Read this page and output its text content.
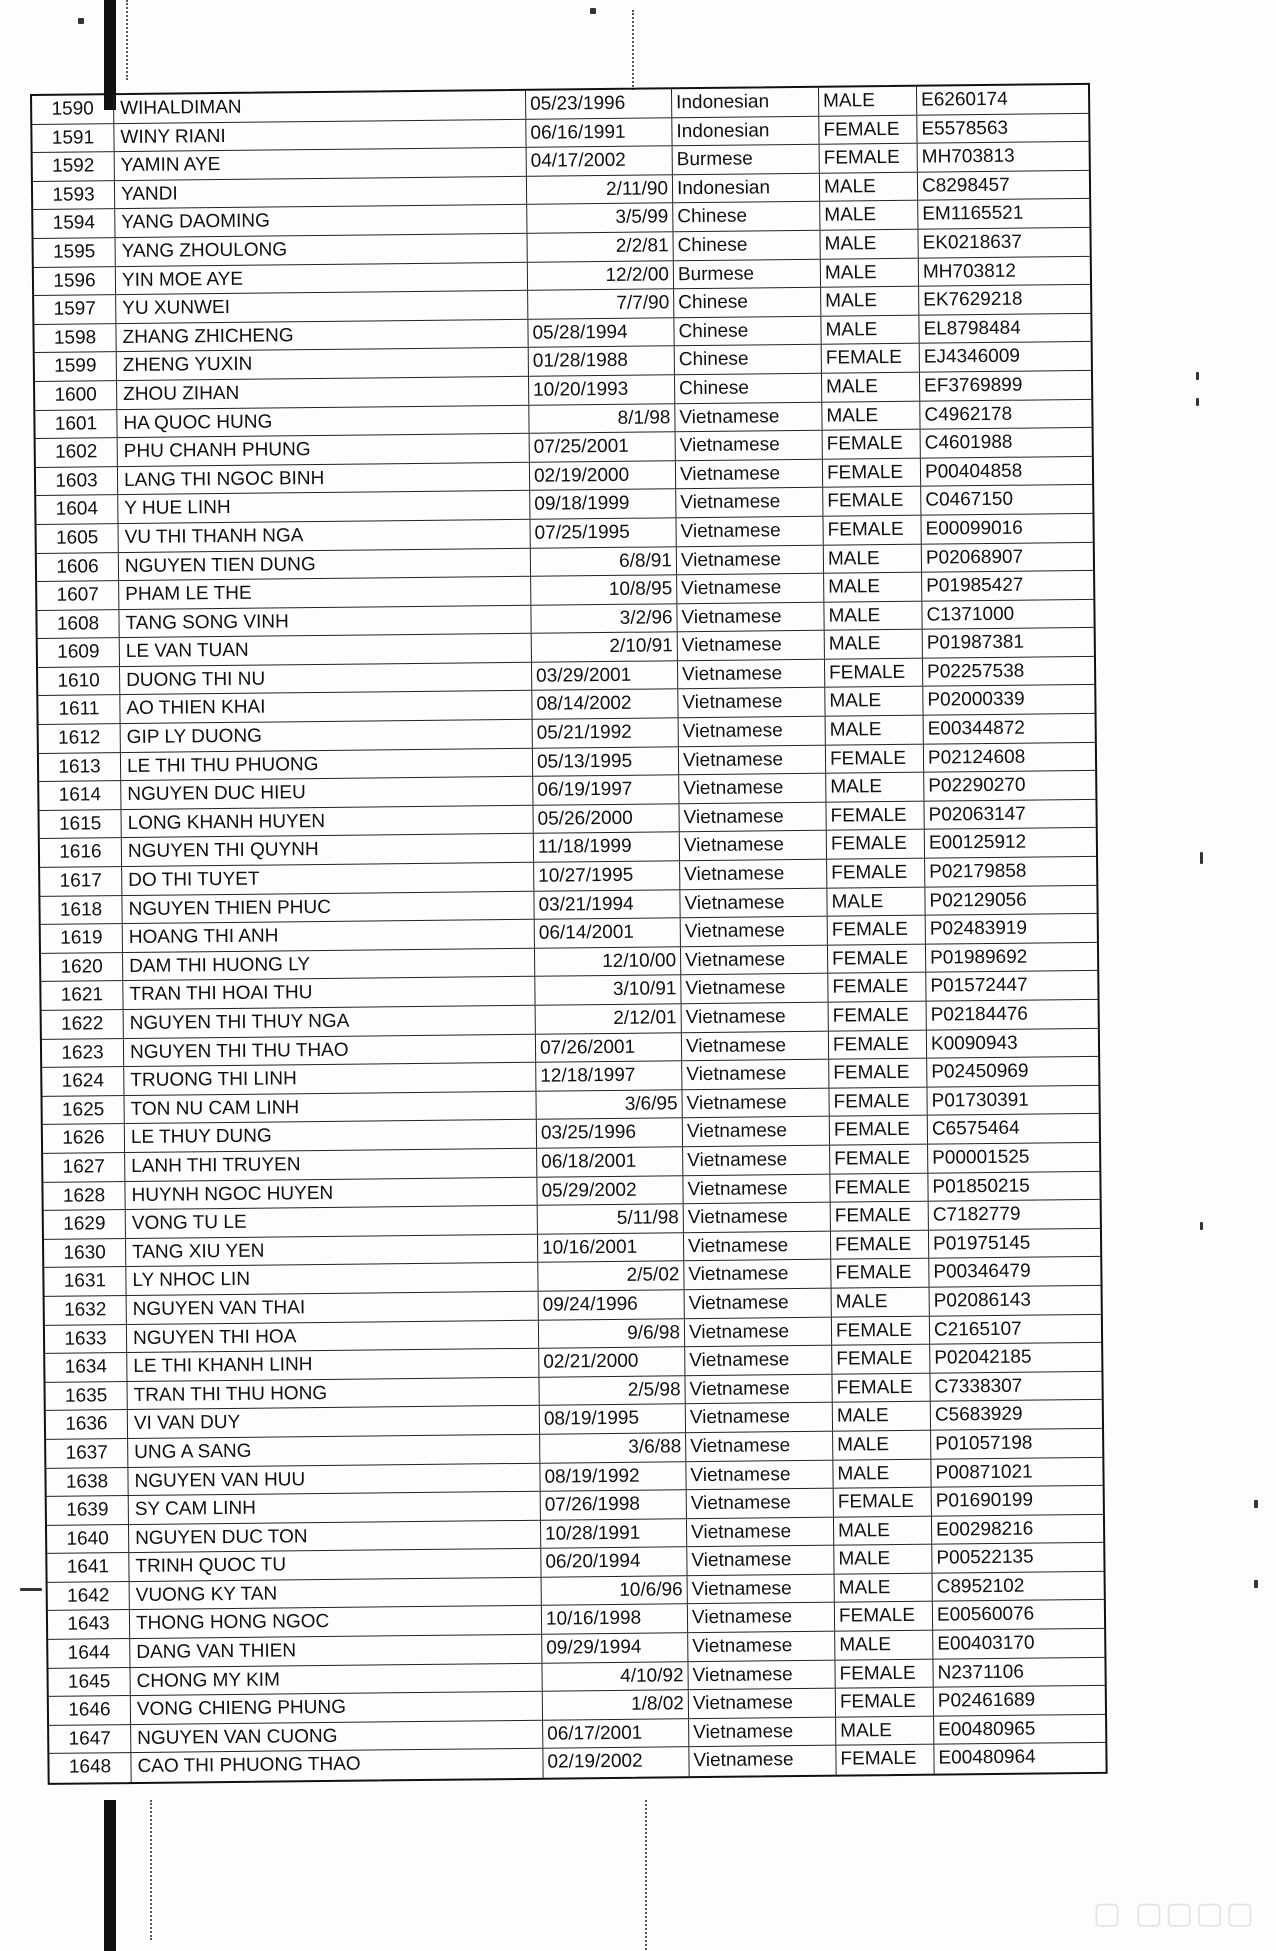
1590	WIHALDIMAN	05/23/1996	Indonesian	MALE	E6260174
1591	WINY RIANI	06/16/1991	Indonesian	FEMALE	E5578563
1592	YAMIN AYE	04/17/2002	Burmese	FEMALE	MH703813
1593	YANDI	2/11/90 Indonesian	MALE	C8298457
1594	YANG DAOMING	3/5/99 Chinese	MALE	EM1165521
1595	YANG ZHOULONG	2/2/81 Chinese	MALE	EK0218637
1596	YIN MOE AYE	12/2/00 Burmese	MALE	MH703812
1597	YU XUNWEI	7/7/90 Chinese	MALE	EK7629218
1598	ZHANG ZHICHENG	05/28/1994	Chinese	MALE	EL8798484
1599	ZHENG YUXIN	01/28/1988	Chinese	FEMALE	EJ4346009
1600	ZHOU ZIHAN	10/20/1993	Chinese	MALE	EF3769899
1601	HA QUOC HUNG	8/1/98 Vietnamese	MALE	C4962178
1602	PHU CHANH PHUNG	07/25/2001	Vietnamese	FEMALE	C4601988
1603	LANG THI NGOC BINH	02/19/2000	Vietnamese	FEMALE	P00404858
1604	Y HUE LINH	09/18/1999	Vietnamese	FEMALE	C0467150
1605	VU THI THANH NGA	07/25/1995	Vietnamese	FEMALE	E00099016
1606	NGUYEN TIEN DUNG	6/8/91 Vietnamese	MALE	P02068907
1607	PHAM LE THE	10/8/95 Vietnamese	MALE	P01985427
1608	TANG SONG VINH	3/2/96 Vietnamese	MALE	C1371000
1609	LE VAN TUAN	2/10/91 Vietnamese	MALE	P01987381
1610	DUONG THI NU	03/29/2001	Vietnamese	FEMALE	P02257538
1611	AO THIEN KHAI	08/14/2002	Vietnamese	MALE	P02000339
1612	GIP LY DUONG	05/21/1992	Vietnamese	MALE	E00344872
1613	LE THI THU PHUONG	05/13/1995	Vietnamese	FEMALE	P02124608
1614	NGUYEN DUC HIEU	06/19/1997	Vietnamese	MALE	P02290270
1615	LONG KHANH HUYEN	05/26/2000	Vietnamese	FEMALE	P02063147
1616	NGUYEN THI QUYNH	11/18/1999	Vietnamese	FEMALE	E00125912
1617	DO THI TUYET	10/27/1995	Vietnamese	FEMALE	P02179858
1618	NGUYEN THIEN PHUC	03/21/1994	Vietnamese	MALE	P02129056
1619	HOANG THI ANH	06/14/2001	Vietnamese	FEMALE	P02483919
1620	DAM THI HUONG LY	12/10/00 Vietnamese	FEMALE	P01989692
1621	TRAN THI HOAI THU	3/10/91 Vietnamese	FEMALE	P01572447
1622	NGUYEN THI THUY NGA	2/12/01 Vietnamese	FEMALE	P02184476
1623	NGUYEN THI THU THAO	07/26/2001	Vietnamese	FEMALE	K0090943
1624	TRUONG THI LINH	12/18/1997	Vietnamese	FEMALE	P02450969
1625	TON NU CAM LINH	3/6/95 Vietnamese	FEMALE	P01730391
1626	LE THUY DUNG	03/25/1996	Vietnamese	FEMALE	C6575464
1627	LANH THI TRUYEN	06/18/2001	Vietnamese	FEMALE	P00001525
1628	HUYNH NGOC HUYEN	05/29/2002	Vietnamese	FEMALE	P01850215
1629	VONG TU LE	5/11/98 Vietnamese	FEMALE	C7182779
1630	TANG XIU YEN	10/16/2001	Vietnamese	FEMALE	P01975145
1631	LY NHOC LIN	2/5/02 Vietnamese	FEMALE	P00346479
1632	NGUYEN VAN THAI	09/24/1996	Vietnamese	MALE	P02086143
1633	NGUYEN THI HOA	9/6/98 Vietnamese	FEMALE	C2165107
1634	LE THI KHANH LINH	02/21/2000	Vietnamese	FEMALE	P02042185
1635	TRAN THI THU HONG	2/5/98 Vietnamese	FEMALE	C7338307
1636	VI VAN DUY	08/19/1995	Vietnamese	MALE	C5683929
1637	UNG A SANG	3/6/88 Vietnamese	MALE	P01057198
1638	NGUYEN VAN HUU	08/19/1992	Vietnamese	MALE	P00871021
1639	SY CAM LINH	07/26/1998	Vietnamese	FEMALE	P01690199
1640	NGUYEN DUC TON	10/28/1991	Vietnamese	MALE	E00298216
1641	TRINH QUOC TU	06/20/1994	Vietnamese	MALE	P00522135
1642	VUONG KY TAN	10/6/96 Vietnamese	MALE	C8952102
1643	THONG HONG NGOC	10/16/1998	Vietnamese	FEMALE	E00560076
1644	DANG VAN THIEN	09/29/1994	Vietnamese	MALE	E00403170
1645	CHONG MY KIM	4/10/92 Vietnamese	FEMALE	N2371106
1646	VONG CHIENG PHUNG	1/8/02 Vietnamese	FEMALE	P02461689
1647	NGUYEN VAN CUONG	06/17/2001	Vietnamese	MALE	E00480965
1648	CAO THI PHUONG THAO	02/19/2002	Vietnamese	FEMALE	E00480964
▢ ▢▢▢▢
